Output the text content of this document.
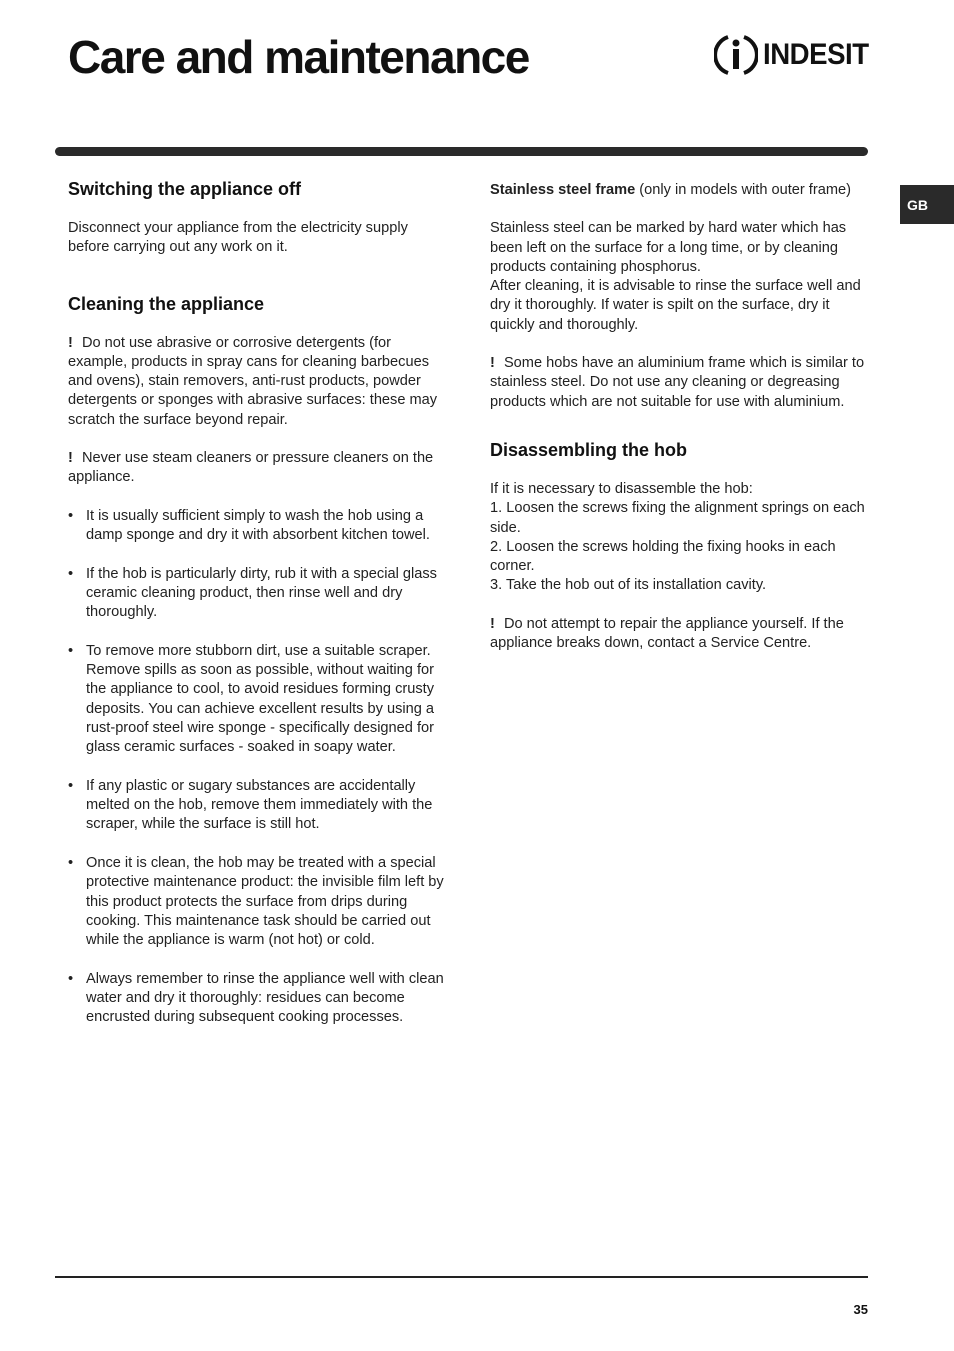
Care and maintenance	INDESIT
GB
Switching the appliance off

Disconnect your appliance from the electricity supply before carrying out any work on it.

Cleaning the appliance

! Do not use abrasive or corrosive detergents (for example, products in spray cans for cleaning barbecues and ovens), stain removers, anti-rust products, powder detergents or sponges with abrasive surfaces: these may scratch the surface beyond repair.

! Never use steam cleaners or pressure cleaners on the appliance.

• It is usually sufficient simply to wash the hob using a damp sponge and dry it with absorbent kitchen towel.
• If the hob is particularly dirty, rub it with a special glass ceramic cleaning product, then rinse well and dry thoroughly.
• To remove more stubborn dirt, use a suitable scraper. Remove spills as soon as possible, without waiting for the appliance to cool, to avoid residues forming crusty deposits. You can achieve excellent results by using a rust-proof steel wire sponge - specifically designed for glass ceramic surfaces - soaked in soapy water.
• If any plastic or sugary substances are accidentally melted on the hob, remove them immediately with the scraper, while the surface is still hot.
• Once it is clean, the hob may be treated with a special protective maintenance product: the invisible film left by this product protects the surface from drips during cooking. This maintenance task should be carried out while the appliance is warm (not hot) or cold.
• Always remember to rinse the appliance well with clean water and dry it thoroughly: residues can become encrusted during subsequent cooking processes.

Stainless steel frame (only in models with outer frame)

Stainless steel can be marked by hard water which has been left on the surface for a long time, or by cleaning products containing phosphorus.

After cleaning, it is advisable to rinse the surface well and dry it thoroughly. If water is spilt on the surface, dry it quickly and thoroughly.

! Some hobs have an aluminium frame which is similar to stainless steel. Do not use any cleaning or degreasing products which are not suitable for use with aluminium.

Disassembling the hob

If it is necessary to disassemble the hob:

1. Loosen the screws fixing the alignment springs on each side.

2. Loosen the screws holding the fixing hooks in each corner.

3. Take the hob out of its installation cavity.

! Do not attempt to repair the appliance yourself. If the appliance breaks down, contact a Service Centre.

35
